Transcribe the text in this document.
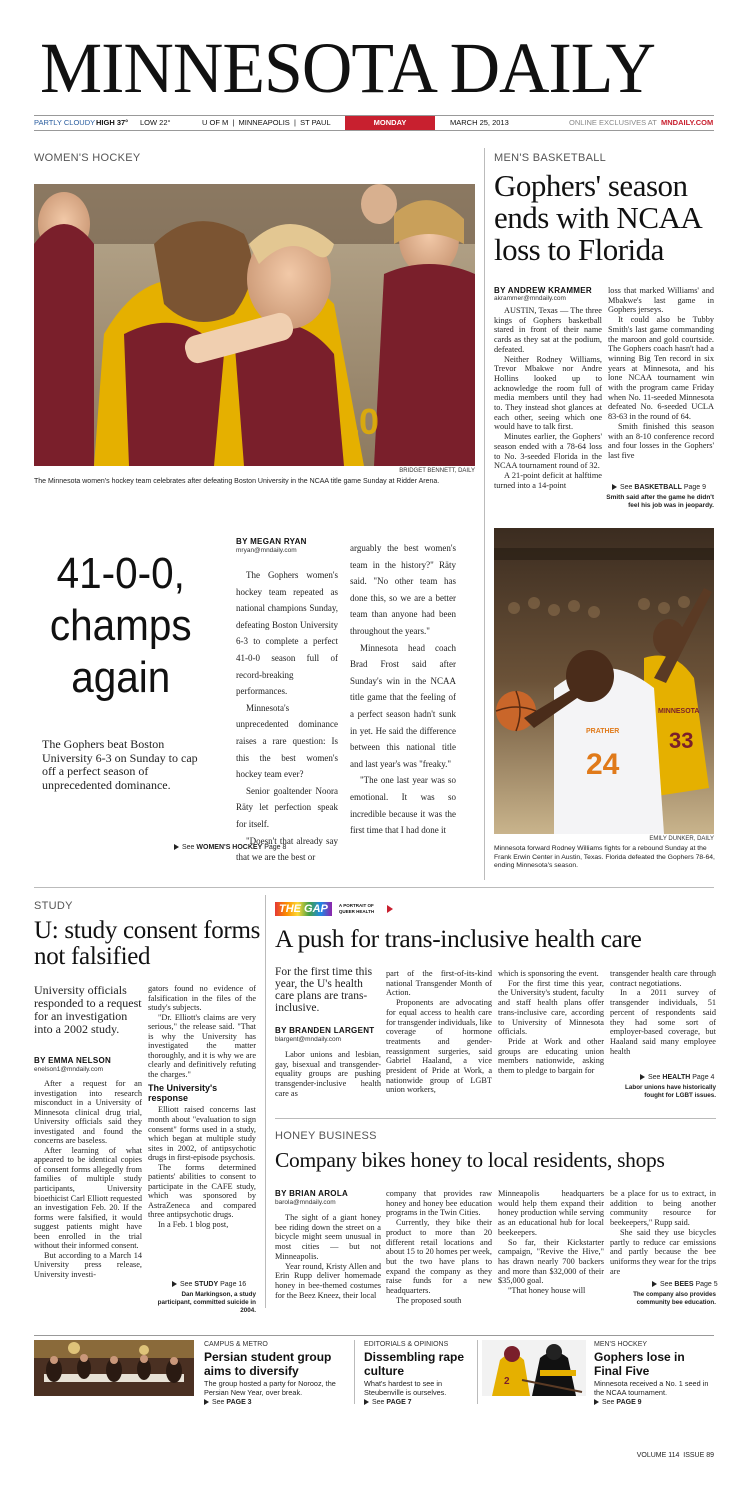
MINNESOTA DAILY
PARTLY CLOUDY HIGH 37° LOW 22°	U OF M  |  MINNEAPOLIS  |  ST PAUL	MONDAY	MARCH 25, 2013	ONLINE EXCLUSIVES AT MNDAILY.COM
WOMEN'S HOCKEY
10
BRIDGET BENNETT, DAILY
The Minnesota women's hockey team celebrates after defeating Boston University in the NCAA title game Sunday at Ridder Arena.
41-0-0, champs again
The Gophers beat Boston University 6-3 on Sunday to cap off a perfect season of unprecedented dominance.
BY MEGAN RYAN
mryan@mndaily.com

The Gophers women's hockey team repeated as national champions Sunday, defeating Boston University 6-3 to complete a perfect 41-0-0 season full of record-breaking performances.

Minnesota's unprecedented dominance raises a rare question: Is this the best women's hockey team ever?

Senior goaltender Noora Räty let perfection speak for itself.

"Doesn't that already say that we are the best or

arguably the best women's team in the history?" Räty said. "No other team has done this, so we are a better team than anyone had been throughout the years."

Minnesota head coach Brad Frost said after Sunday's win in the NCAA title game that the feeling of a perfect season hadn't sunk in yet. He said the difference between this national title and last year's was "freaky."

"The one last year was so emotional. It was so incredible because it was the first time that I had done it

See WOMEN'S HOCKEY Page 8
MEN'S BASKETBALL
Gophers' season ends with NCAA loss to Florida
BY ANDREW KRAMMER
akrammer@mndaily.com

AUSTIN, Texas — The three kings of Gophers basketball stared in front of their name cards as they sat at the podium, defeated.

Neither Rodney Williams, Trevor Mbakwe nor Andre Hollins looked up to acknowledge the room full of media members until they had to. They instead shot glances at each other, seeing which one would have to talk first.

Minutes earlier, the Gophers' season ended with a 78-64 loss to No. 3-seeded Florida in the NCAA tournament round of 32.

A 21-point deficit at halftime turned into a 14-point

loss that marked Williams' and Mbakwe's last game in Gophers jerseys.

It could also be Tubby Smith's last game commanding the maroon and gold courtside. The Gophers coach hasn't had a winning Big Ten record in six years at Minnesota, and his lone NCAA tournament win with the program came Friday when No. 11-seeded Minnesota defeated No. 6-seeded UCLA 83-63 in the round of 64.

Smith finished this season with an 8-10 conference record and four losses in the Gophers' last five

See BASKETBALL Page 9
Smith said after the game he didn't feel his job was in jeopardy.
33
MINNESOTA
24
PRATHER
EMILY DUNKER, DAILY
Minnesota forward Rodney Williams fights for a rebound Sunday at the Frank Erwin Center in Austin, Texas. Florida defeated the Gophers 78-64, ending Minnesota's season.
STUDY
U: study consent forms not falsified
University officials responded to a request for an investigation into a 2002 study.
BY EMMA NELSON
enelson1@mndaily.com

After a request for an investigation into research misconduct in a University of Minnesota clinical drug trial, University officials said they investigated and found the concerns are baseless.

After learning of what appeared to be identical copies of consent forms allegedly from families of multiple study participants, University bioethicist Carl Elliott requested an investigation Feb. 20. If the forms were falsified, it would suggest patients might have been enrolled in the trial without their informed consent.

But according to a March 14 University press release, University investi-

gators found no evidence of falsification in the files of the study's subjects.

"Dr. Elliott's claims are very serious," the release said. "That is why the University has investigated the matter thoroughly, and it is why we are clearly and definitively refuting the charges."

The University's response

Elliott raised concerns last month about "evaluation to sign consent" forms used in a study, which began at multiple study sites in 2002, of antipsychotic drugs in first-episode psychosis.

The forms determined patients' abilities to consent to participate in the CAFE study, which was sponsored by AstraZeneca and compared three antipsychotic drugs.

In a Feb. 1 blog post,

See STUDY Page 16
Dan Markingson, a study participant, committed suicide in 2004.
THE GAP A PORTRAIT OF QUEER HEALTH
A push for trans-inclusive health care
For the first time this year, the U's health care plans are trans-inclusive.
BY BRANDEN LARGENT
blargent@mndaily.com

Labor unions and lesbian, gay, bisexual and transgender-equality groups are pushing transgender-inclusive health care as

part of the first-of-its-kind national Transgender Month of Action.

Proponents are advocating for equal access to health care for transgender individuals, like coverage of hormone treatments and gender-reassignment surgeries, said Gabriel Haaland, a vice president of Pride at Work, a nationwide group of LGBT union workers,

which is sponsoring the event.

For the first time this year, the University's student, faculty and staff health plans offer trans-inclusive care, according to University of Minnesota officials.

Pride at Work and other groups are educating union members nationwide, asking them to pledge to bargain for

transgender health care through contract negotiations.

In a 2011 survey of transgender individuals, 51 percent of respondents said they had some sort of employer-based coverage, but Haaland said many employee health

See HEALTH Page 4
Labor unions have historically fought for LGBT issues.
HONEY BUSINESS
Company bikes honey to local residents, shops
BY BRIAN AROLA
barola@mndaily.com

The sight of a giant honey bee riding down the street on a bicycle might seem unusual in most cities — but not Minneapolis.

Year round, Kristy Allen and Erin Rupp deliver homemade honey in bee-themed costumes for the Beez Kneez, their local

company that provides raw honey and honey bee education programs in the Twin Cities.

Currently, they bike their product to more than 20 different retail locations and about 15 to 20 homes per week, but the two have plans to expand the company as they raise funds for a new headquarters.

The proposed south

Minneapolis headquarters would help them expand their honey production while serving as an educational hub for local beekeepers.

So far, their Kickstarter campaign, "Revive the Hive," has drawn nearly 700 backers and more than $32,000 of their $35,000 goal.

"That honey house will

be a place for us to extract, in addition to being another community resource for beekeepers," Rupp said.

She said they use bicycles partly to reduce car emissions and partly because the bee uniforms they wear for the trips are

See BEES Page 5
The company also provides community bee education.
CAMPUS & METRO
Persian student group aims to diversify
The group hosted a party for Norooz, the Persian New Year, over break.
See PAGE 3
EDITORIALS & OPINIONS
Dissembling rape culture
What's hardest to see in Steubenville is ourselves.
See PAGE 7
2
MEN'S HOCKEY
Gophers lose in Final Five
Minnesota received a No. 1 seed in the NCAA tournament.
See PAGE 9
VOLUME 114  ISSUE 89
